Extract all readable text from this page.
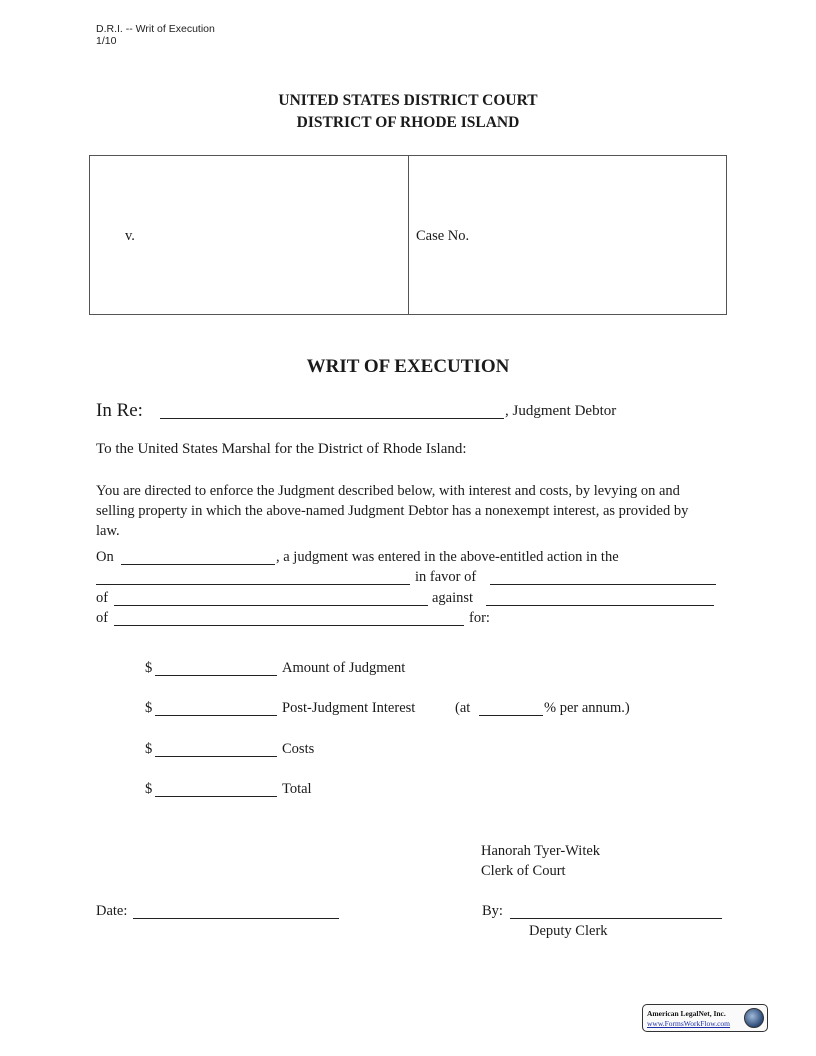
D.R.I. -- Writ of Execution
1/10
UNITED STATES DISTRICT COURT
DISTRICT OF RHODE ISLAND
v.	Case No.
WRIT OF EXECUTION
In Re:	, Judgment Debtor
To the United States Marshal for the District of Rhode Island:
You are directed to enforce the Judgment described below, with interest and costs, by levying on and selling property in which the above-named Judgment Debtor has a nonexempt interest, as provided by law.
On	, a judgment was entered in the above-entitled action in the
in favor of
of	against
of	for:
$	Amount of Judgment
$	Post-Judgment Interest	(at	% per annum.)
$	Costs
$	Total
Hanorah Tyer-Witek
Clerk of Court
Date:	By:
Deputy Clerk
American LegalNet, Inc.
www.FormsWorkFlow.com
